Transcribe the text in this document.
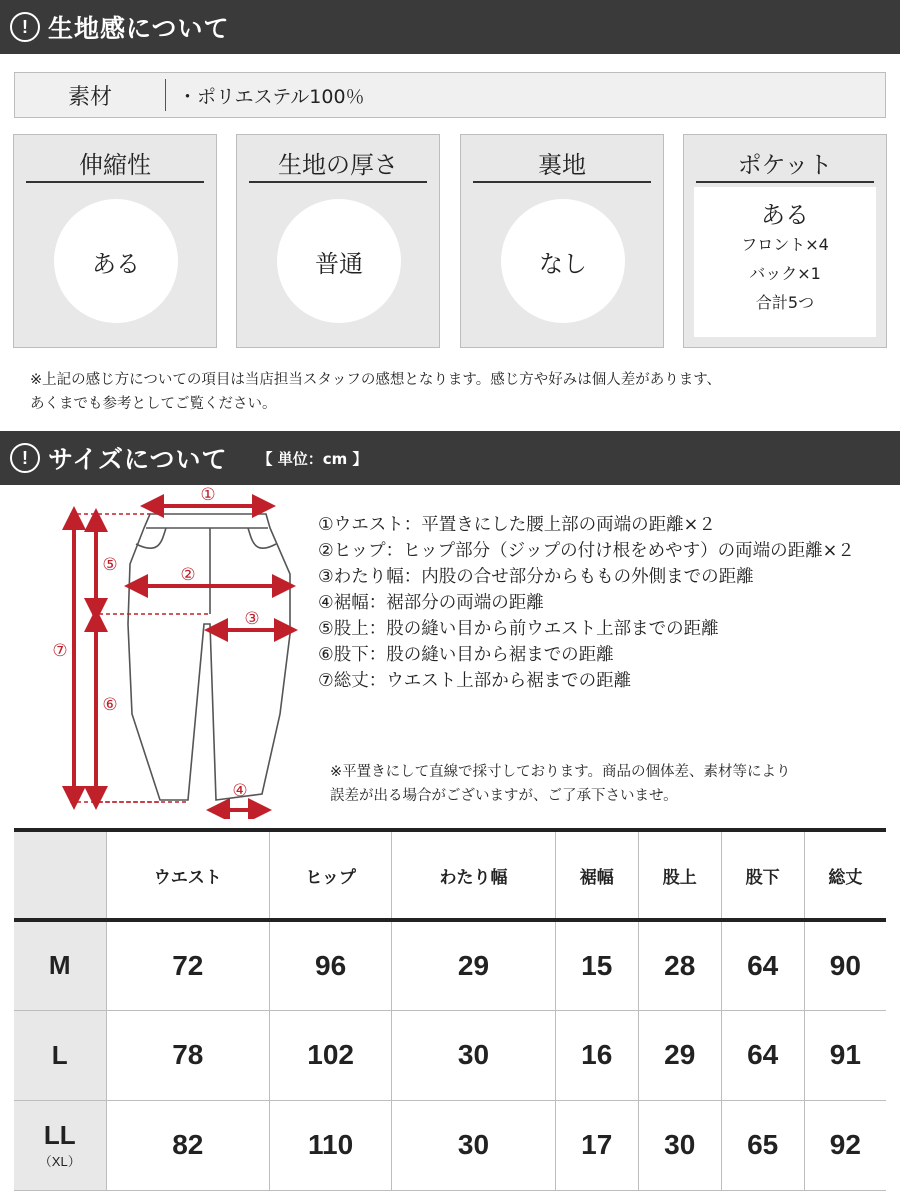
! 生地感について
素材	・ポリエステル100％
伸縮性
ある
生地の厚さ
普通
裏地
なし
ポケット
ある
フロント×4
バック×1
合計5つ
※上記の感じ方についての項目は当店担当スタッフの感想となります。感じ方や好みは個人差があります、
あくまでも参考としてご覧ください。
! サイズについて 【 単位：cm 】
①
②
③
④
⑤
⑥
⑦
①ウエスト：平置きにした腰上部の両端の距離×２
②ヒップ：ヒップ部分（ジップの付け根をめやす）の両端の距離×２
③わたり幅：内股の合せ部分からももの外側までの距離
④裾幅：裾部分の両端の距離
⑤股上：股の縫い目から前ウエスト上部までの距離
⑥股下：股の縫い目から裾までの距離
⑦総丈：ウエスト上部から裾までの距離
※平置きにして直線で採寸しております。商品の個体差、素材等により
誤差が出る場合がございますが、ご了承下さいませ。
	ウエスト	ヒップ	わたり幅	裾幅	股上	股下	総丈
M	72	96	29	15	28	64	90
L	78	102	30	16	29	64	91
LL
（XL）	82	110	30	17	30	65	92
